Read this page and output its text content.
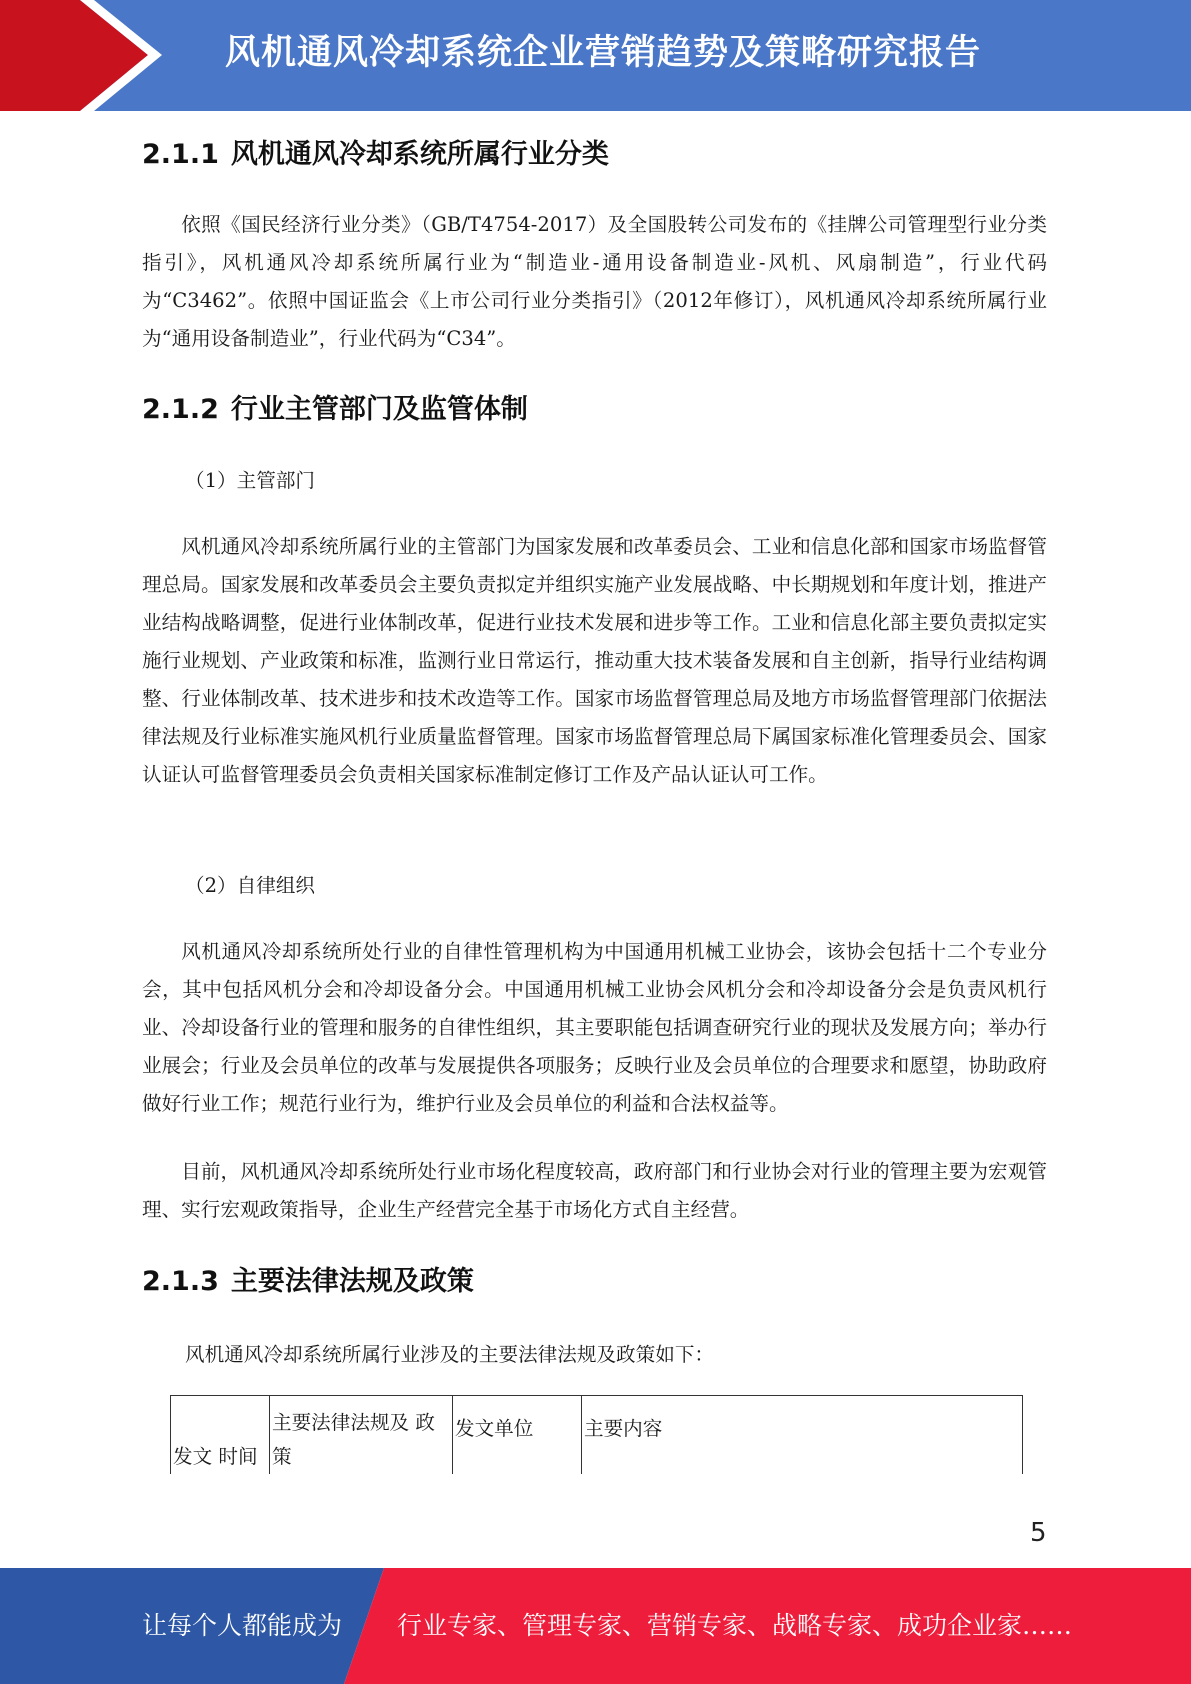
风机通风冷却系统企业营销趋势及策略研究报告
2.1.1 风机通风冷却系统所属行业分类
依照《国民经济行业分类》（GB/T4754-2017）及全国股转公司发布的《挂牌公司管理型行业分类指引》，风机通风冷却系统所属行业为“制造业-通用设备制造业-风机、风扇制造”，行业代码为“C3462”。依照中国证监会《上市公司行业分类指引》（2012年修订），风机通风冷却系统所属行业为“通用设备制造业”，行业代码为“C34”。
2.1.2 行业主管部门及监管体制
（1）主管部门
风机通风冷却系统所属行业的主管部门为国家发展和改革委员会、工业和信息化部和国家市场监督管理总局。国家发展和改革委员会主要负责拟定并组织实施产业发展战略、中长期规划和年度计划，推进产业结构战略调整，促进行业体制改革，促进行业技术发展和进步等工作。工业和信息化部主要负责拟定实施行业规划、产业政策和标准，监测行业日常运行，推动重大技术装备发展和自主创新，指导行业结构调整、行业体制改革、技术进步和技术改造等工作。国家市场监督管理总局及地方市场监督管理部门依据法律法规及行业标准实施风机行业质量监督管理。国家市场监督管理总局下属国家标准化管理委员会、国家认证认可监督管理委员会负责相关国家标准制定修订工作及产品认证认可工作。
（2）自律组织
风机通风冷却系统所处行业的自律性管理机构为中国通用机械工业协会，该协会包括十二个专业分会，其中包括风机分会和冷却设备分会。中国通用机械工业协会风机分会和冷却设备分会是负责风机行业、冷却设备行业的管理和服务的自律性组织，其主要职能包括调查研究行业的现状及发展方向；举办行业展会；行业及会员单位的改革与发展提供各项服务；反映行业及会员单位的合理要求和愿望，协助政府做好行业工作；规范行业行为，维护行业及会员单位的利益和合法权益等。
目前，风机通风冷却系统所处行业市场化程度较高，政府部门和行业协会对行业的管理主要为宏观管理、实行宏观政策指导，企业生产经营完全基于市场化方式自主经营。
2.1.3 主要法律法规及政策
风机通风冷却系统所属行业涉及的主要法律法规及政策如下：
发文 时间	主要法律法规及 政策	发文单位	主要内容
5
让每个人都能成为 行业专家、管理专家、营销专家、战略专家、成功企业家……
